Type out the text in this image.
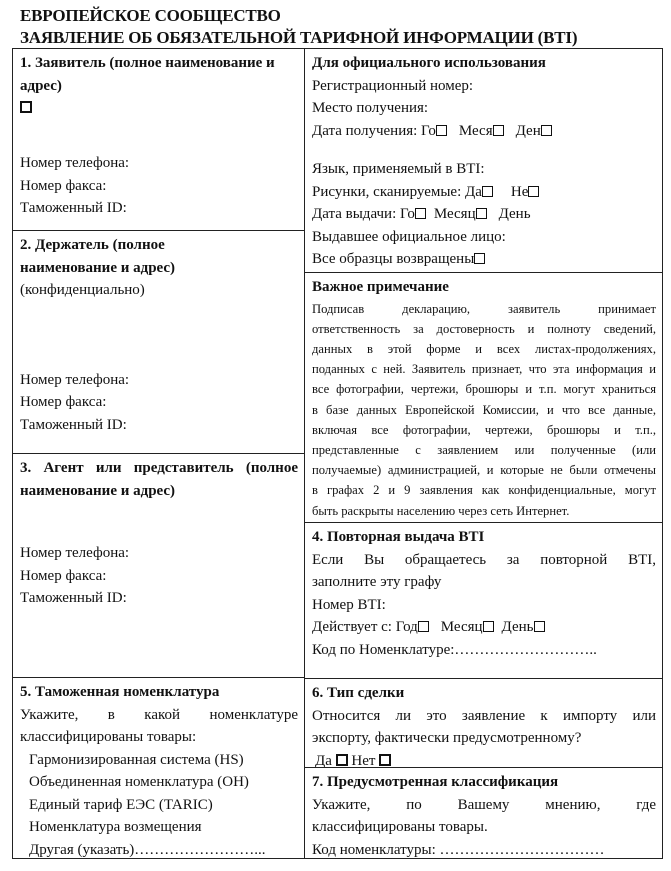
ЕВРОПЕЙСКОЕ СООБЩЕСТВО
ЗАЯВЛЕНИЕ ОБ ОБЯЗАТЕЛЬНОЙ ТАРИФНОЙ ИНФОРМАЦИИ (BTI)
1. Заявитель (полное наименование и
адрес)
Номер телефона:
Номер факса:
Таможенный ID:
2. Держатель (полное
наименование и адрес)
(конфиденциально)
Номер телефона:
Номер факса:
Таможенный ID:
3. Агент или представитель (полное
наименование и адрес)
Номер телефона:
Номер факса:
Таможенный ID:
5. Таможенная номенклатура
Укажите, в какой номенклатуре
классифицированы товары:
Гармонизированная система (HS)
Объединенная номенклатура (ОН)
Единый тариф ЕЭС (TARIC)
Номенклатура возмещения
Другая (указать)……………………...
Для официального использования
Регистрационный номер:
Место получения:
Дата получения: Го Меся Ден
Язык, применяемый в BTI:
Рисунки, сканируемые: Да Не
Дата выдачи: Го Месяц День
Выдавшее официальное лицо:
Все образцы возвращены
Важное примечание
Подписав декларацию, заявитель принимает
ответственность за достоверность и полноту сведений,
данных в этой форме и всех листах-продолжениях,
поданных с ней. Заявитель признает, что эта информация и
все фотографии, чертежи, брошюры и т.п. могут храниться
в базе данных Европейской Комиссии, и что все данные,
включая все фотографии, чертежи, брошюры и т.п.,
представленные с заявлением или полученные (или
получаемые) администрацией, и которые не были отмечены
в графах 2 и 9 заявления как конфиденциальные, могут
быть раскрыты населению через сеть Интернет.
4. Повторная выдача BTI
Если Вы обращаетесь за повторной BTI,
заполните эту графу
Номер BTI:
Действует с: Год Месяц День
Код по Номенклатуре:………………………..
6. Тип сделки
Относится ли это заявление к импорту или
экспорту, фактически предусмотренному?
Да Нет
7. Предусмотренная классификация
Укажите, по Вашему мнению, где
классифицированы товары.
Код номенклатуры: ……………………………
